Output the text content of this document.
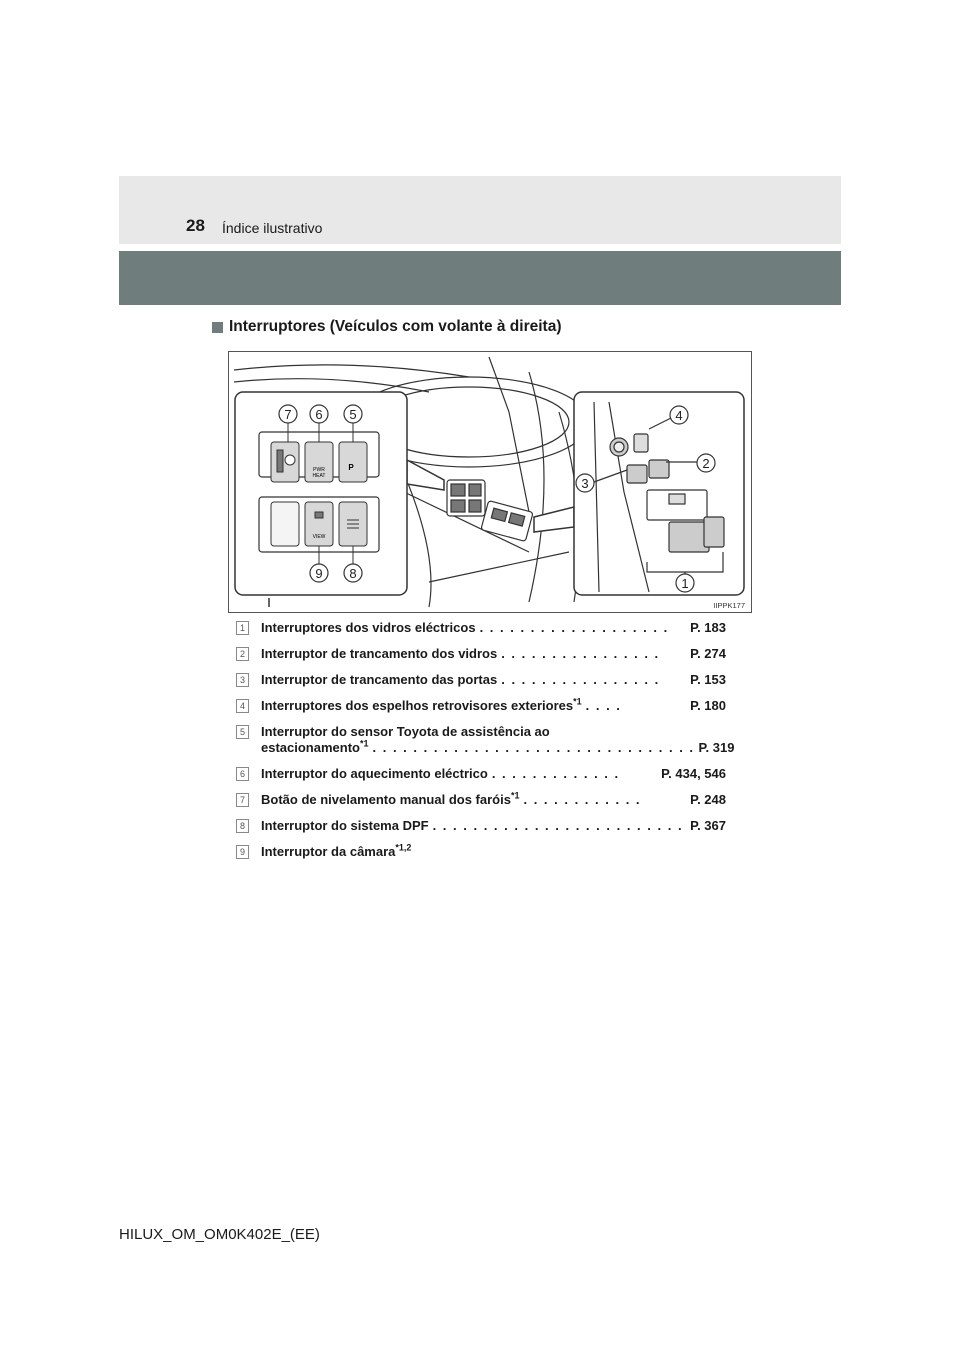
28 Índice ilustrativo
Interruptores (Veículos com volante à direita)
PWR
HEAT
VIEW
P
7 6 5
9 8
4
2
3
1
IIPPK177
1	Interruptores dos vidros eléctricos . . . . . . . . . . . . . . . . . . .	P. 183
2	Interruptor de trancamento dos vidros . . . . . . . . . . . . . . . .	P. 274
3	Interruptor de trancamento das portas . . . . . . . . . . . . . . . .	P. 153
4	Interruptores dos espelhos retrovisores exteriores$^{*1}$ . . . .	P. 180
5	Interruptor do sensor Toyota de assistência ao
estacionamento$^{*1}$ . . . . . . . . . . . . . . . . . . . . . . . . . . . . . . . . P. 319
6	Interruptor do aquecimento eléctrico . . . . . . . . . . . . .	P. 434, 546
7	Botão de nivelamento manual dos faróis$^{*1}$ . . . . . . . . . . . .	P. 248
8	Interruptor do sistema DPF . . . . . . . . . . . . . . . . . . . . . . . . . P. 367
9	Interruptor da câmara$^{*1,2}$
HILUX_OM_OM0K402E_(EE)
